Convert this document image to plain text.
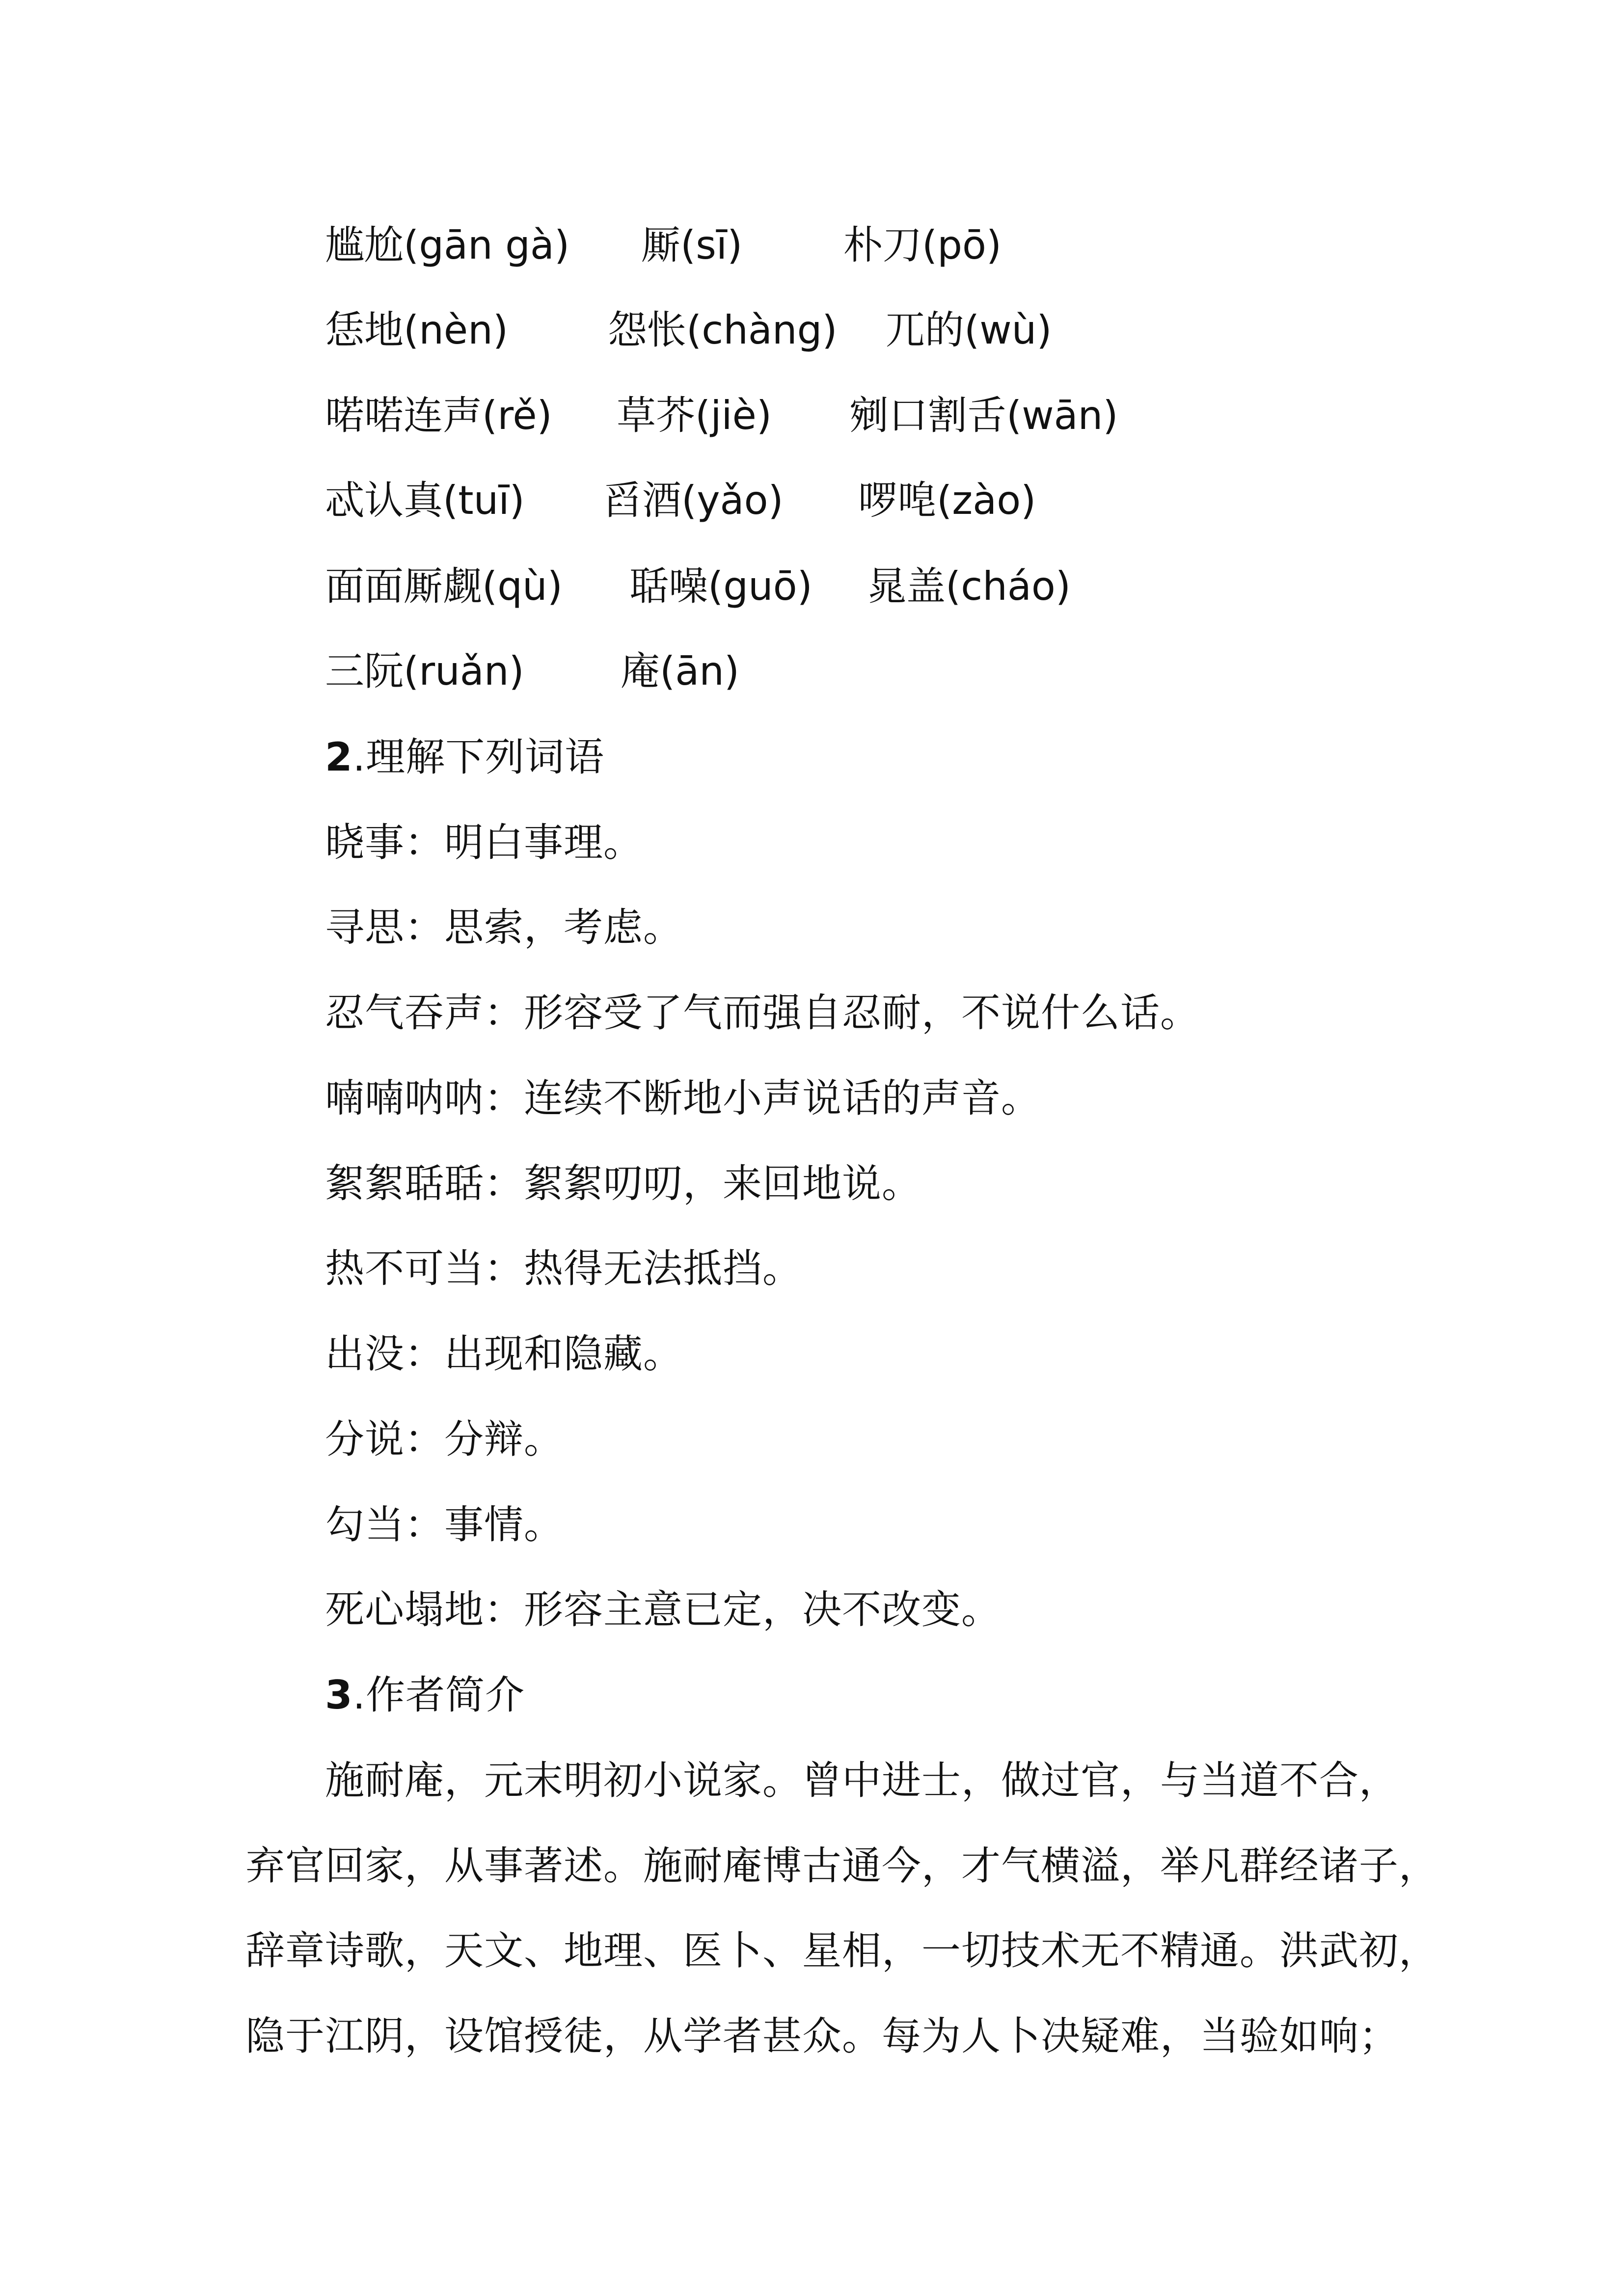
尴尬(gān gà) 厮(sī)	朴刀(pō)
恁地(nèn)	怨怅(chàng) 兀的(wù)
喏喏连声(rě) 草芥(jiè) 剜口割舌(wān)
忒认真(tuī) 舀酒(yǎo) 啰唣(zào)
面面厮觑(qù) 聒噪(guō) 晁盖(cháo)
三阮(ruǎn) 庵(ān)
2.理解下列词语
晓事：明白事理。
寻思：思索，考虑。
忍气吞声：形容受了气而强自忍耐，不说什么话。
喃喃呐呐：连续不断地小声说话的声音。
絮絮聒聒：絮絮叨叨，来回地说。
热不可当：热得无法抵挡。
出没：出现和隐藏。
分说：分辩。
勾当：事情。
死心塌地：形容主意已定，决不改变。
3.作者简介
施耐庵，元末明初小说家。曾中进士，做过官，与当道不合，
弃官回家，从事著述。施耐庵博古通今，才气横溢，举凡群经诸子，
辞章诗歌，天文、地理、医卜、星相，一切技术无不精通。洪武初，
隐于江阴，设馆授徒，从学者甚众。每为人卜决疑难，当验如响；
